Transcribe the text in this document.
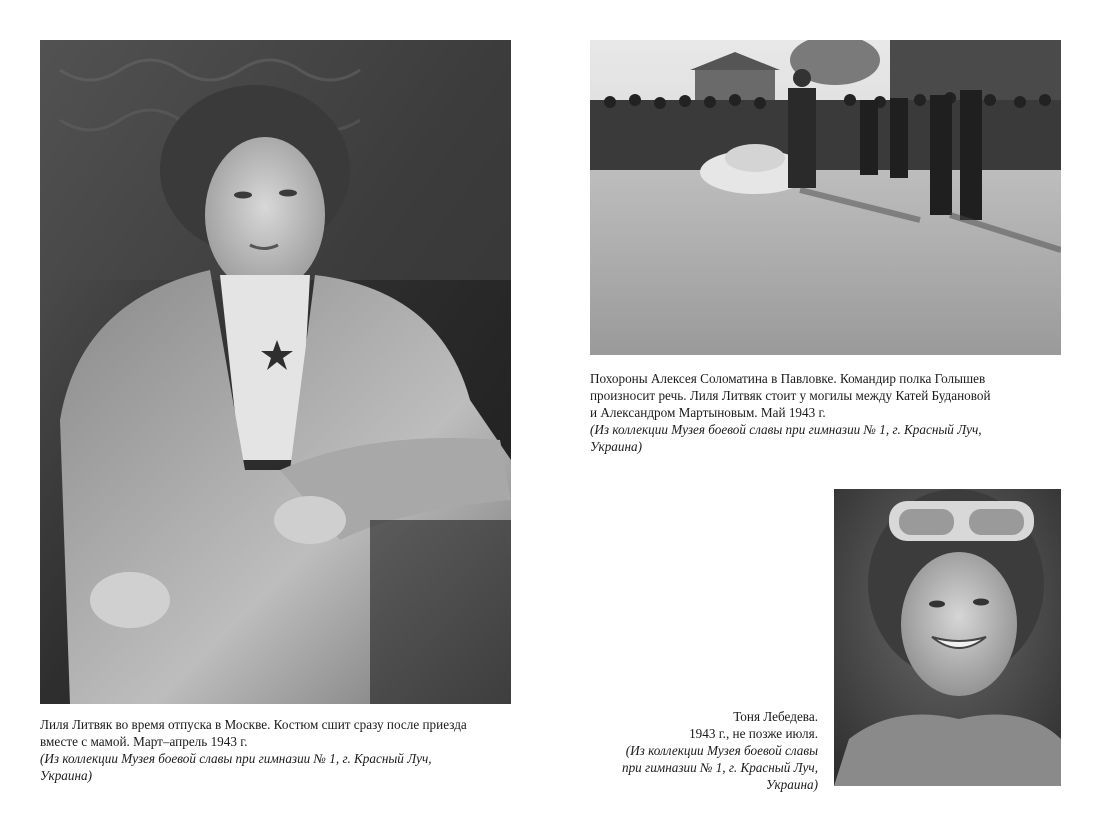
Лиля Литвяк во время отпуска в Москве. Костюм сшит сразу после приезда
вместе с мамой. Март–апрель 1943 г.
(Из коллекции Музея боевой славы при гимназии № 1, г. Красный Луч,
Украина)
Похороны Алексея Соломатина в Павловке. Командир полка Голышев
произносит речь. Лиля Литвяк стоит у могилы между Катей Будановой
и Александром Мартыновым. Май 1943 г.
(Из коллекции Музея боевой славы при гимназии № 1, г. Красный Луч,
Украина)
Тоня Лебедева.
1943 г., не позже июля.
(Из коллекции Музея боевой славы
при гимназии № 1, г. Красный Луч,
Украина)
